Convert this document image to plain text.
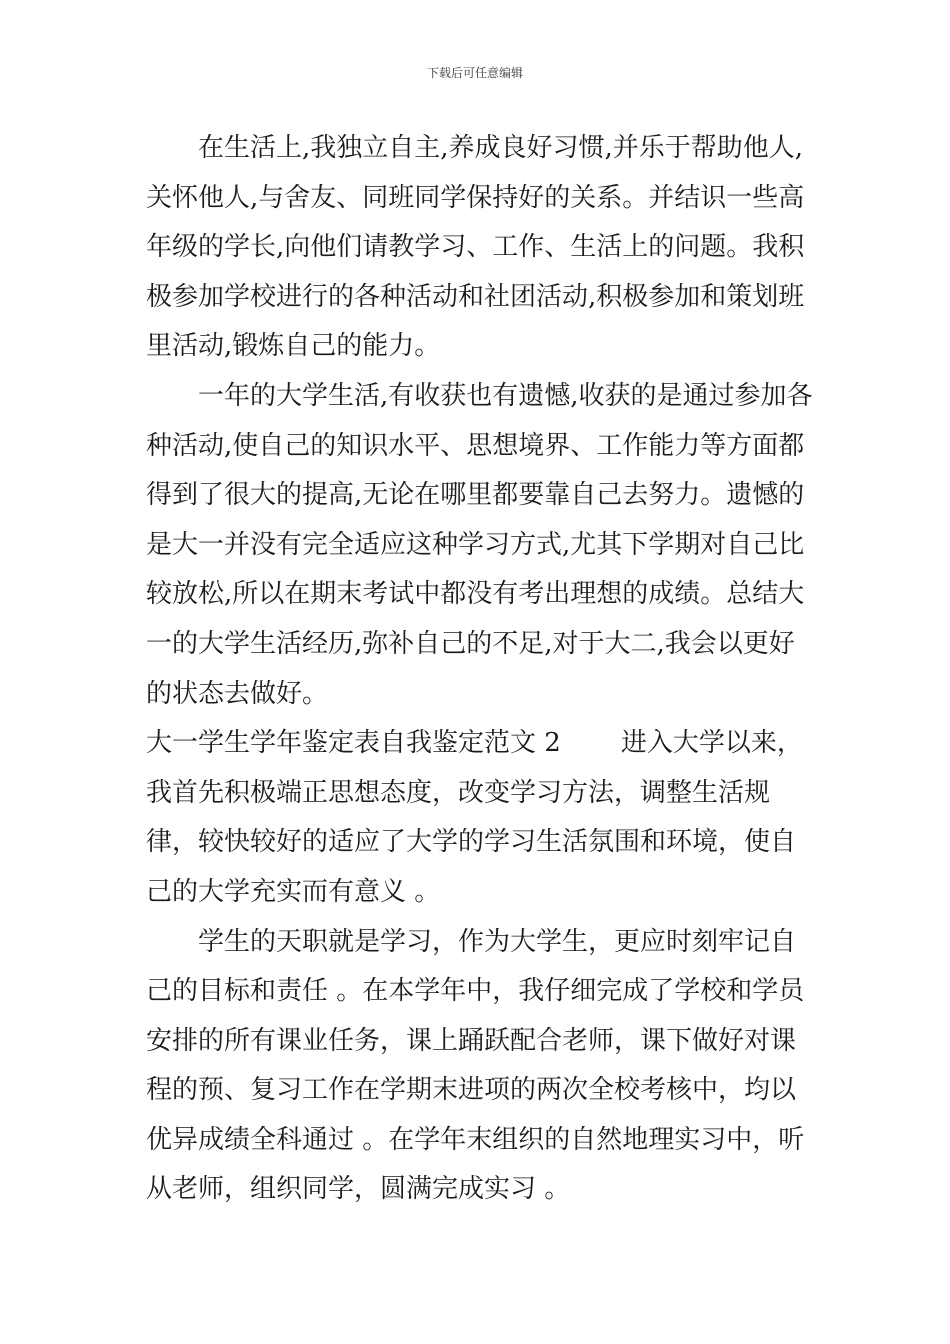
下载后可任意编辑

在生活上,我独立自主,养成良好习惯,并乐于帮助他人,关怀他人,与舍友、同班同学保持好的关系。并结识一些高年级的学长,向他们请教学习、工作、生活上的问题。我积极参加学校进行的各种活动和社团活动,积极参加和策划班里活动,锻炼自己的能力。

一年的大学生活,有收获也有遗憾,收获的是通过参加各种活动,使自己的知识水平、思想境界、工作能力等方面都得到了很大的提高,无论在哪里都要靠自己去努力。遗憾的是大一并没有完全适应这种学习方式,尤其下学期对自己比较放松,所以在期末考试中都没有考出理想的成绩。总结大一的大学生活经历,弥补自己的不足,对于大二,我会以更好的状态去做好。

大一学生学年鉴定表自我鉴定范文 2 进入大学以来，我首先积极端正思想态度，改变学习方法，调整生活规律，较快较好的适应了大学的学习生活氛围和环境，使自己的大学充实而有意义 。

学生的天职就是学习，作为大学生，更应时刻牢记自己的目标和责任 。在本学年中，我仔细完成了学校和学员安排的所有课业任务，课上踊跃配合老师，课下做好对课程的预、复习工作在学期末进项的两次全校考核中，均以优异成绩全科通过 。在学年末组织的自然地理实习中，听从老师，组织同学，圆满完成实习 。
